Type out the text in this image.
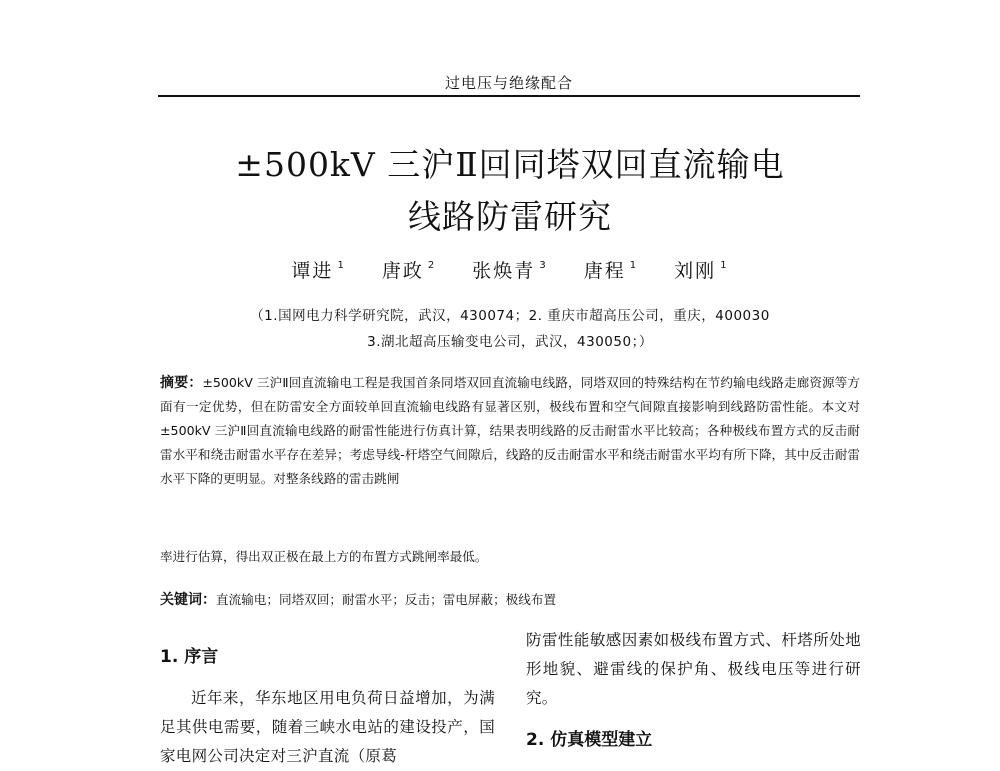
过电压与绝缘配合
±500kV 三沪Ⅱ回同塔双回直流输电
线路防雷研究
谭进 $^1$ 唐政 $^2$ 张焕青 $^3$ 唐程 $^1$ 刘刚 $^1$
（1.国网电力科学研究院，武汉，430074；2. 重庆市超高压公司，重庆，400030
3.湖北超高压输变电公司，武汉，430050；）
摘要：±500kV 三沪Ⅱ回直流输电工程是我国首条同塔双回直流输电线路，同塔双回的特殊结构在节约输电线路走廊资源等方面有一定优势，但在防雷安全方面较单回直流输电线路有显著区别，极线布置和空气间隙直接影响到线路防雷性能。本文对±500kV 三沪Ⅱ回直流输电线路的耐雷性能进行仿真计算，结果表明线路的反击耐雷水平比较高；各种极线布置方式的反击耐雷水平和绕击耐雷水平存在差异；考虑导线-杆塔空气间隙后，线路的反击耐雷水平和绕击耐雷水平均有所下降，其中反击耐雷水平下降的更明显。对整条线路的雷击跳闸
率进行估算，得出双正极在最上方的布置方式跳闸率最低。
关键词：直流输电；同塔双回；耐雷水平；反击；雷电屏蔽；极线布置
1. 序言

近年来，华东地区用电负荷日益增加，为满足其供电需要，随着三峡水电站的建设投产，国家电网公司决定对三沪直流（原葛

防雷性能敏感因素如极线布置方式、杆塔所处地形地貌、避雷线的保护角、极线电压等进行研究。

2. 仿真模型建立
